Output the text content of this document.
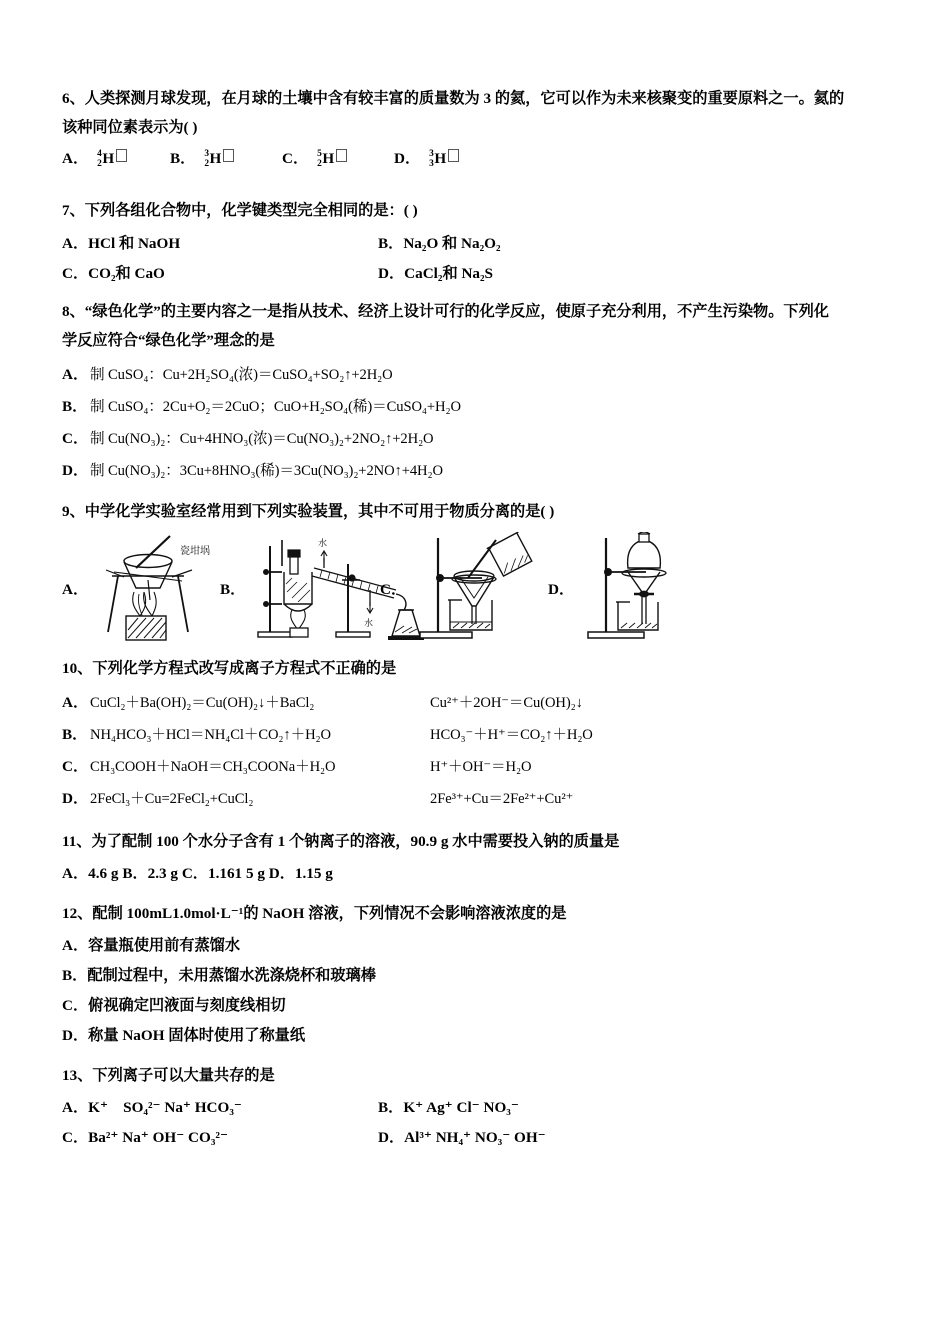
6、人类探测月球发现，在月球的土壤中含有较丰富的质量数为 3 的氦，它可以作为未来核聚变的重要原料之一。氦的
该种同位素表示为( )
A． 4
2 H	B． 3
2 H	C． 5
2 H	D． 3
3 H
7、下列各组化合物中，化学键类型完全相同的是：( )
A．HCl 和 NaOH	B．Na₂O 和 Na₂O₂
C．CO₂和 CaO	D．CaCl₂和 Na₂S
8、“绿色化学”的主要内容之一是指从技术、经济上设计可行的化学反应，使原子充分利用，不产生污染物。下列化
学反应符合“绿色化学”理念的是
A． 制 CuSO₄：Cu+2H₂SO₄(浓)＝CuSO₄+SO₂↑+2H₂O
B． 制 CuSO₄：2Cu+O₂＝2CuO；CuO+H₂SO₄(稀)＝CuSO₄+H₂O
C． 制 Cu(NO₃)₂：Cu+4HNO₃(浓)＝Cu(NO₃)₂+2NO₂↑+2H₂O
D． 制 Cu(NO₃)₂：3Cu+8HNO₃(稀)＝3Cu(NO₃)₂+2NO↑+4H₂O
9、中学化学实验室经常用到下列实验装置，其中不可用于物质分离的是( )
A．
瓷坩埚
B．
水
水
C．	D．
10、下列化学方程式改写成离子方程式不正确的是
A． CuCl₂＋Ba(OH)₂＝Cu(OH)₂↓＋BaCl₂	Cu²⁺＋2OH⁻＝Cu(OH)₂↓
B． NH₄HCO₃＋HCl＝NH₄Cl＋CO₂↑＋H₂O	HCO₃⁻＋H⁺＝CO₂↑＋H₂O
C． CH₃COOH＋NaOH＝CH₃COONa＋H₂O	H⁺＋OH⁻＝H₂O
D． 2FeCl₃＋Cu=2FeCl₂+CuCl₂	2Fe³⁺+Cu＝2Fe²⁺+Cu²⁺
11、为了配制 100 个水分子含有 1 个钠离子的溶液，90.9 g 水中需要投入钠的质量是
A．4.6 g B．2.3 g C．1.161 5 g D．1.15 g
12、配制 100mL1.0mol·L⁻¹的 NaOH 溶液，下列情况不会影响溶液浓度的是
A．容量瓶使用前有蒸馏水
B．配制过程中，未用蒸馏水洗涤烧杯和玻璃棒
C．俯视确定凹液面与刻度线相切
D．称量 NaOH 固体时使用了称量纸
13、下列离子可以大量共存的是
A．K⁺　SO₄²⁻ Na⁺ HCO₃⁻	B．K⁺ Ag⁺ Cl⁻ NO₃⁻
C．Ba²⁺ Na⁺ OH⁻ CO₃²⁻	D．Al³⁺ NH₄⁺ NO₃⁻ OH⁻
